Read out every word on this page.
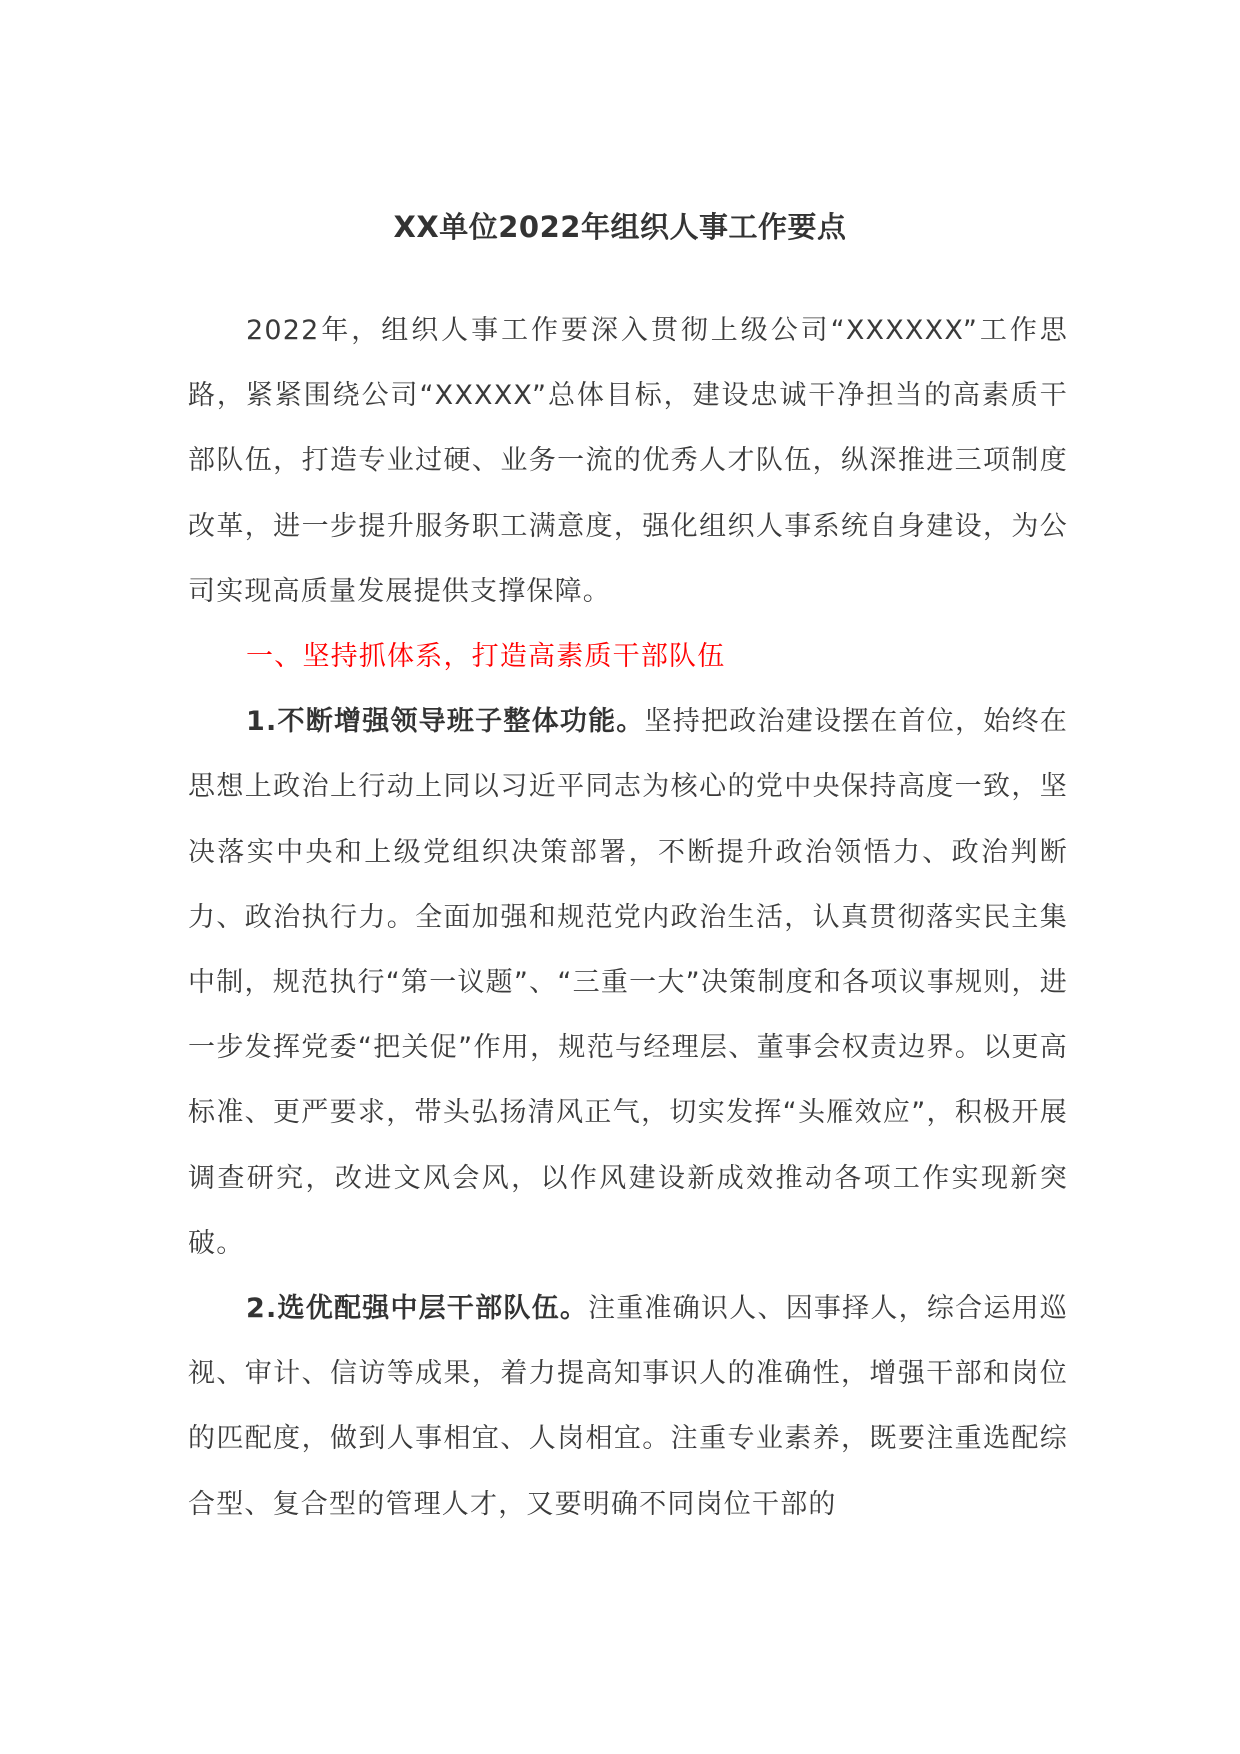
XX单位2022年组织人事工作要点

2022年，组织人事工作要深入贯彻上级公司“XXXXXX”工作思路，紧紧围绕公司“XXXXX”总体目标，建设忠诚干净担当的高素质干部队伍，打造专业过硬、业务一流的优秀人才队伍，纵深推进三项制度改革，进一步提升服务职工满意度，强化组织人事系统自身建设，为公司实现高质量发展提供支撑保障。

一、坚持抓体系，打造高素质干部队伍

1.不断增强领导班子整体功能。坚持把政治建设摆在首位，始终在思想上政治上行动上同以习近平同志为核心的党中央保持高度一致，坚决落实中央和上级党组织决策部署，不断提升政治领悟力、政治判断力、政治执行力。全面加强和规范党内政治生活，认真贯彻落实民主集中制，规范执行“第一议题”、“三重一大”决策制度和各项议事规则，进一步发挥党委“把关促”作用，规范与经理层、董事会权责边界。以更高标准、更严要求，带头弘扬清风正气，切实发挥“头雁效应”，积极开展调查研究，改进文风会风，以作风建设新成效推动各项工作实现新突破。

2.选优配强中层干部队伍。注重准确识人、因事择人，综合运用巡视、审计、信访等成果，着力提高知事识人的准确性，增强干部和岗位的匹配度，做到人事相宜、人岗相宜。注重专业素养，既要注重选配综合型、复合型的管理人才，又要明确不同岗位干部的
